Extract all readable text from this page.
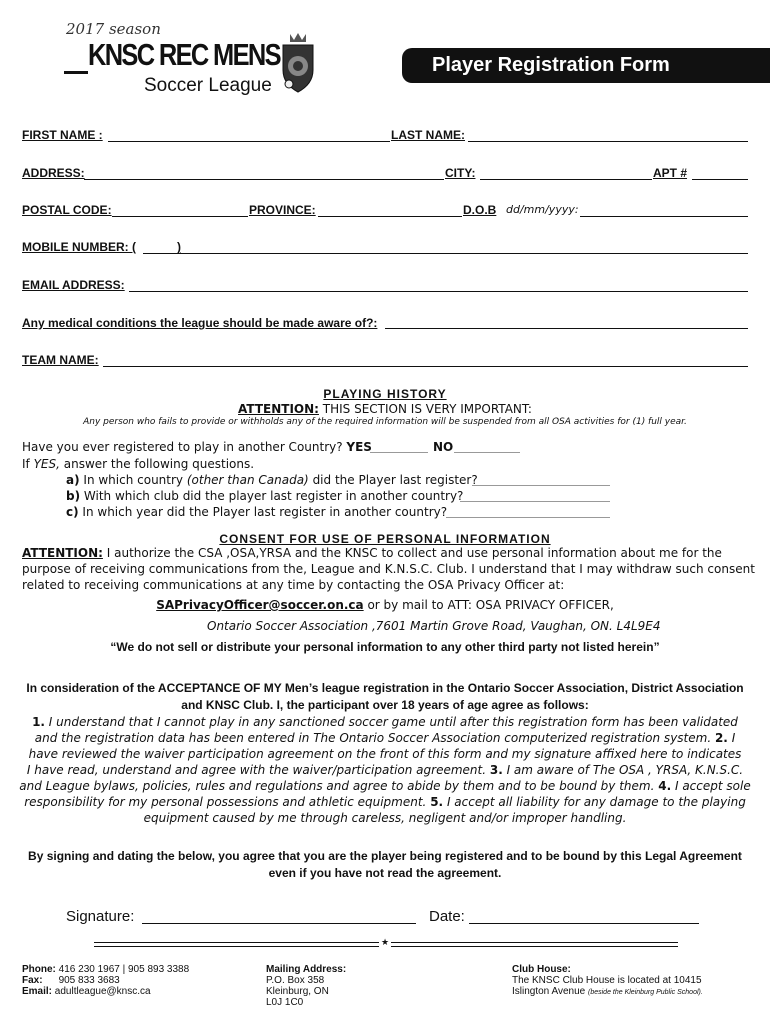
2017 season
KNSC REC MENS
Soccer League
Player Registration Form
FIRST NAME :	LAST NAME:
ADDRESS:	CITY:	APT #
POSTAL CODE:	PROVINCE:	D.O.B dd/mm/yyyy:
MOBILE NUMBER: (	)
EMAIL ADDRESS:
Any medical conditions the league should be made aware of?:
TEAM NAME:
PLAYING HISTORY
ATTENTION: THIS SECTION IS VERY IMPORTANT:
Any person who fails to provide or withholds any of the required information will be suspended from all OSA activities for (1) full year.
Have you ever registered to play in another Country? YES	NO
If YES, answer the following questions.
a) In which country (other than Canada) did the Player last register?
b) With which club did the player last register in another country?
c) In which year did the Player last register in another country?
CONSENT FOR USE OF PERSONAL INFORMATION
ATTENTION: I authorize the CSA ,OSA,YRSA and the KNSC to collect and use personal information about me for the
purpose of receiving communications from the, League and K.N.S.C. Club. I understand that I may withdraw such consent
related to receiving communications at any time by contacting the OSA Privacy Officer at:
SAPrivacyOfficer@soccer.on.ca or by mail to ATT: OSA PRIVACY OFFICER,
Ontario Soccer Association ,7601 Martin Grove Road, Vaughan, ON. L4L9E4
“We do not sell or distribute your personal information to any other third party not listed herein”
In consideration of the ACCEPTANCE OF MY Men’s league registration in the Ontario Soccer Association, District Association
and KNSC Club. I, the participant over 18 years of age agree as follows:
1. I understand that I cannot play in any sanctioned soccer game until after this registration form has been validated
and the registration data has been entered in The Ontario Soccer Association computerized registration system. 2. I
have reviewed the waiver participation agreement on the front of this form and my signature affixed here to indicates
I have read, understand and agree with the waiver/participation agreement. 3. I am aware of The OSA , YRSA, K.N.S.C.
and League bylaws, policies, rules and regulations and agree to abide by them and to be bound by them. 4. I accept sole
responsibility for my personal possessions and athletic equipment. 5. I accept all liability for any damage to the playing
equipment caused by me through careless, negligent and/or improper handling.
By signing and dating the below, you agree that you are the player being registered and to be bound by this Legal Agreement
even if you have not read the agreement.
Signature:	Date:
★
Phone: 416 230 1967 | 905 893 3388
Fax: 905 833 3683
Email: adultleague@knsc.ca
Mailing Address:
P.O. Box 358
Kleinburg, ON
L0J 1C0
Club House:
The KNSC Club House is located at 10415
Islington Avenue (beside the Kleinburg Public School).
